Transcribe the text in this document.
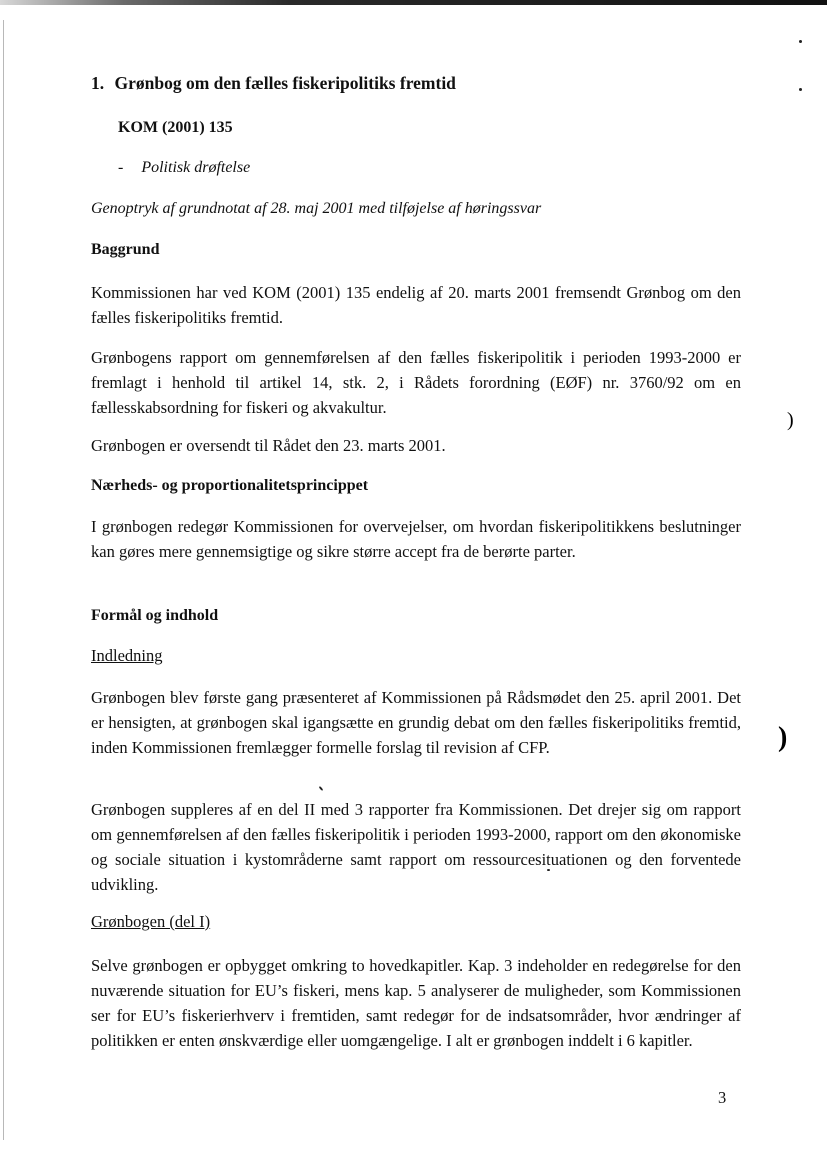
1. Grønbog om den fælles fiskeripolitiks fremtid
KOM (2001) 135
- Politisk drøftelse
Genoptryk af grundnotat af 28. maj 2001 med tilføjelse af høringssvar
Baggrund

Kommissionen har ved KOM (2001) 135 endelig af 20. marts 2001 fremsendt Grønbog om den fælles fiskeripolitiks fremtid.

Grønbogens rapport om gennemførelsen af den fælles fiskeripolitik i perioden 1993-2000 er fremlagt i henhold til artikel 14, stk. 2, i Rådets forordning (EØF) nr. 3760/92 om en fællesskabsordning for fiskeri og akvakultur.

Grønbogen er oversendt til Rådet den 23. marts 2001.

Nærheds- og proportionalitetsprincippet

I grønbogen redegør Kommissionen for overvejelser, om hvordan fiskeripolitikkens beslutninger kan gøres mere gennemsigtige og sikre større accept fra de berørte parter.

Formål og indhold
Indledning

Grønbogen blev første gang præsenteret af Kommissionen på Rådsmødet den 25. april 2001. Det er hensigten, at grønbogen skal igangsætte en grundig debat om den fælles fiskeripolitiks fremtid, inden Kommissionen fremlægger formelle forslag til revision af CFP.

Grønbogen suppleres af en del II med 3 rapporter fra Kommissionen. Det drejer sig om rapport om gennemførelsen af den fælles fiskeripolitik i perioden 1993-2000, rapport om den økonomiske og sociale situation i kystområderne samt rapport om ressourcesituationen og den forventede udvikling.

Grønbogen (del I)

Selve grønbogen er opbygget omkring to hovedkapitler. Kap. 3 indeholder en redegørelse for den nuværende situation for EU’s fiskeri, mens kap. 5 analyserer de muligheder, som Kommissionen ser for EU’s fiskerierhverv i fremtiden, samt redegør for de indsatsområder, hvor ændringer af politikken er enten ønskværdige eller uomgængelige. I alt er grønbogen inddelt i 6 kapitler.

3
)
)
